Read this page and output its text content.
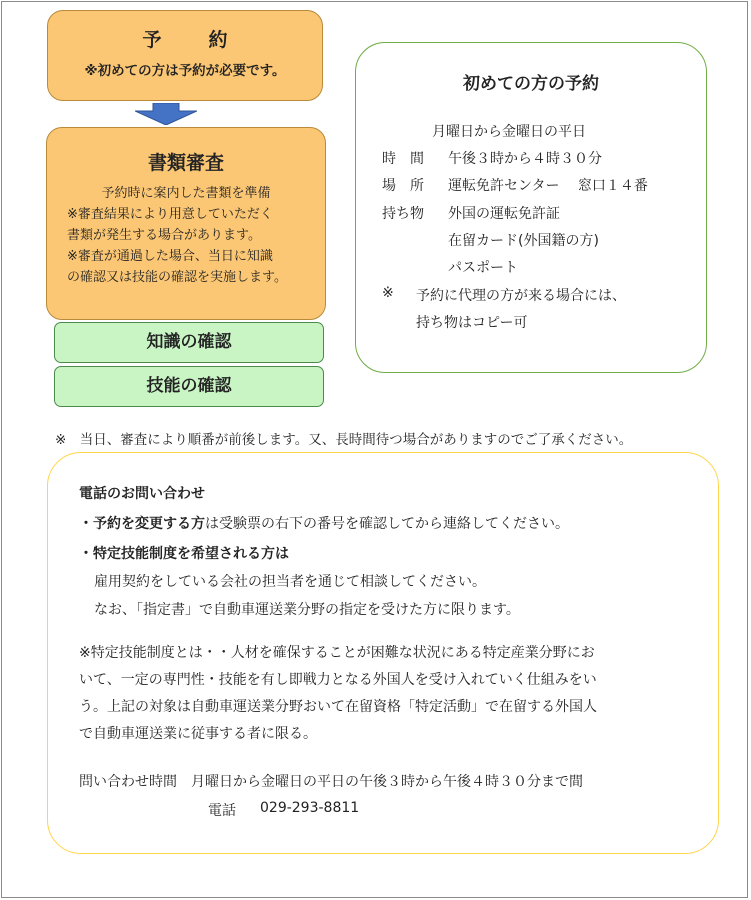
予　約
※初めての方は予約が必要です。
書類審査
予約時に案内した書類を準備
※審査結果により用意していただく
書類が発生する場合があります。
※審査が通過した場合、当日に知識
の確認又は技能の確認を実施します。
知識の確認
技能の確認
初めての方の予約
月曜日から金曜日の平日
時　間 午後３時から４時３０分
場　所 運転免許センター　 窓口１４番
持ち物 外国の運転免許証
在留カード(外国籍の方)
パスポート
※ 予約に代理の方が来る場合には、
持ち物はコピー可
※　当日、審査により順番が前後します。又、長時間待つ場合がありますのでご了承ください。
電話のお問い合わせ
・予約を変更する方は受験票の右下の番号を確認してから連絡してください。
・特定技能制度を希望される方は
雇用契約をしている会社の担当者を通じて相談してください。
なお、「指定書」で自動車運送業分野の指定を受けた方に限ります。
※特定技能制度とは・・人材を確保することが困難な状況にある特定産業分野にお
いて、一定の専門性・技能を有し即戦力となる外国人を受け入れていく仕組みをい
う。上記の対象は自動車運送業分野おいて在留資格「特定活動」で在留する外国人
で自動車運送業に従事する者に限る。
問い合わせ時間　月曜日から金曜日の平日の午後３時から午後４時３０分まで間
電話 029-293-8811
